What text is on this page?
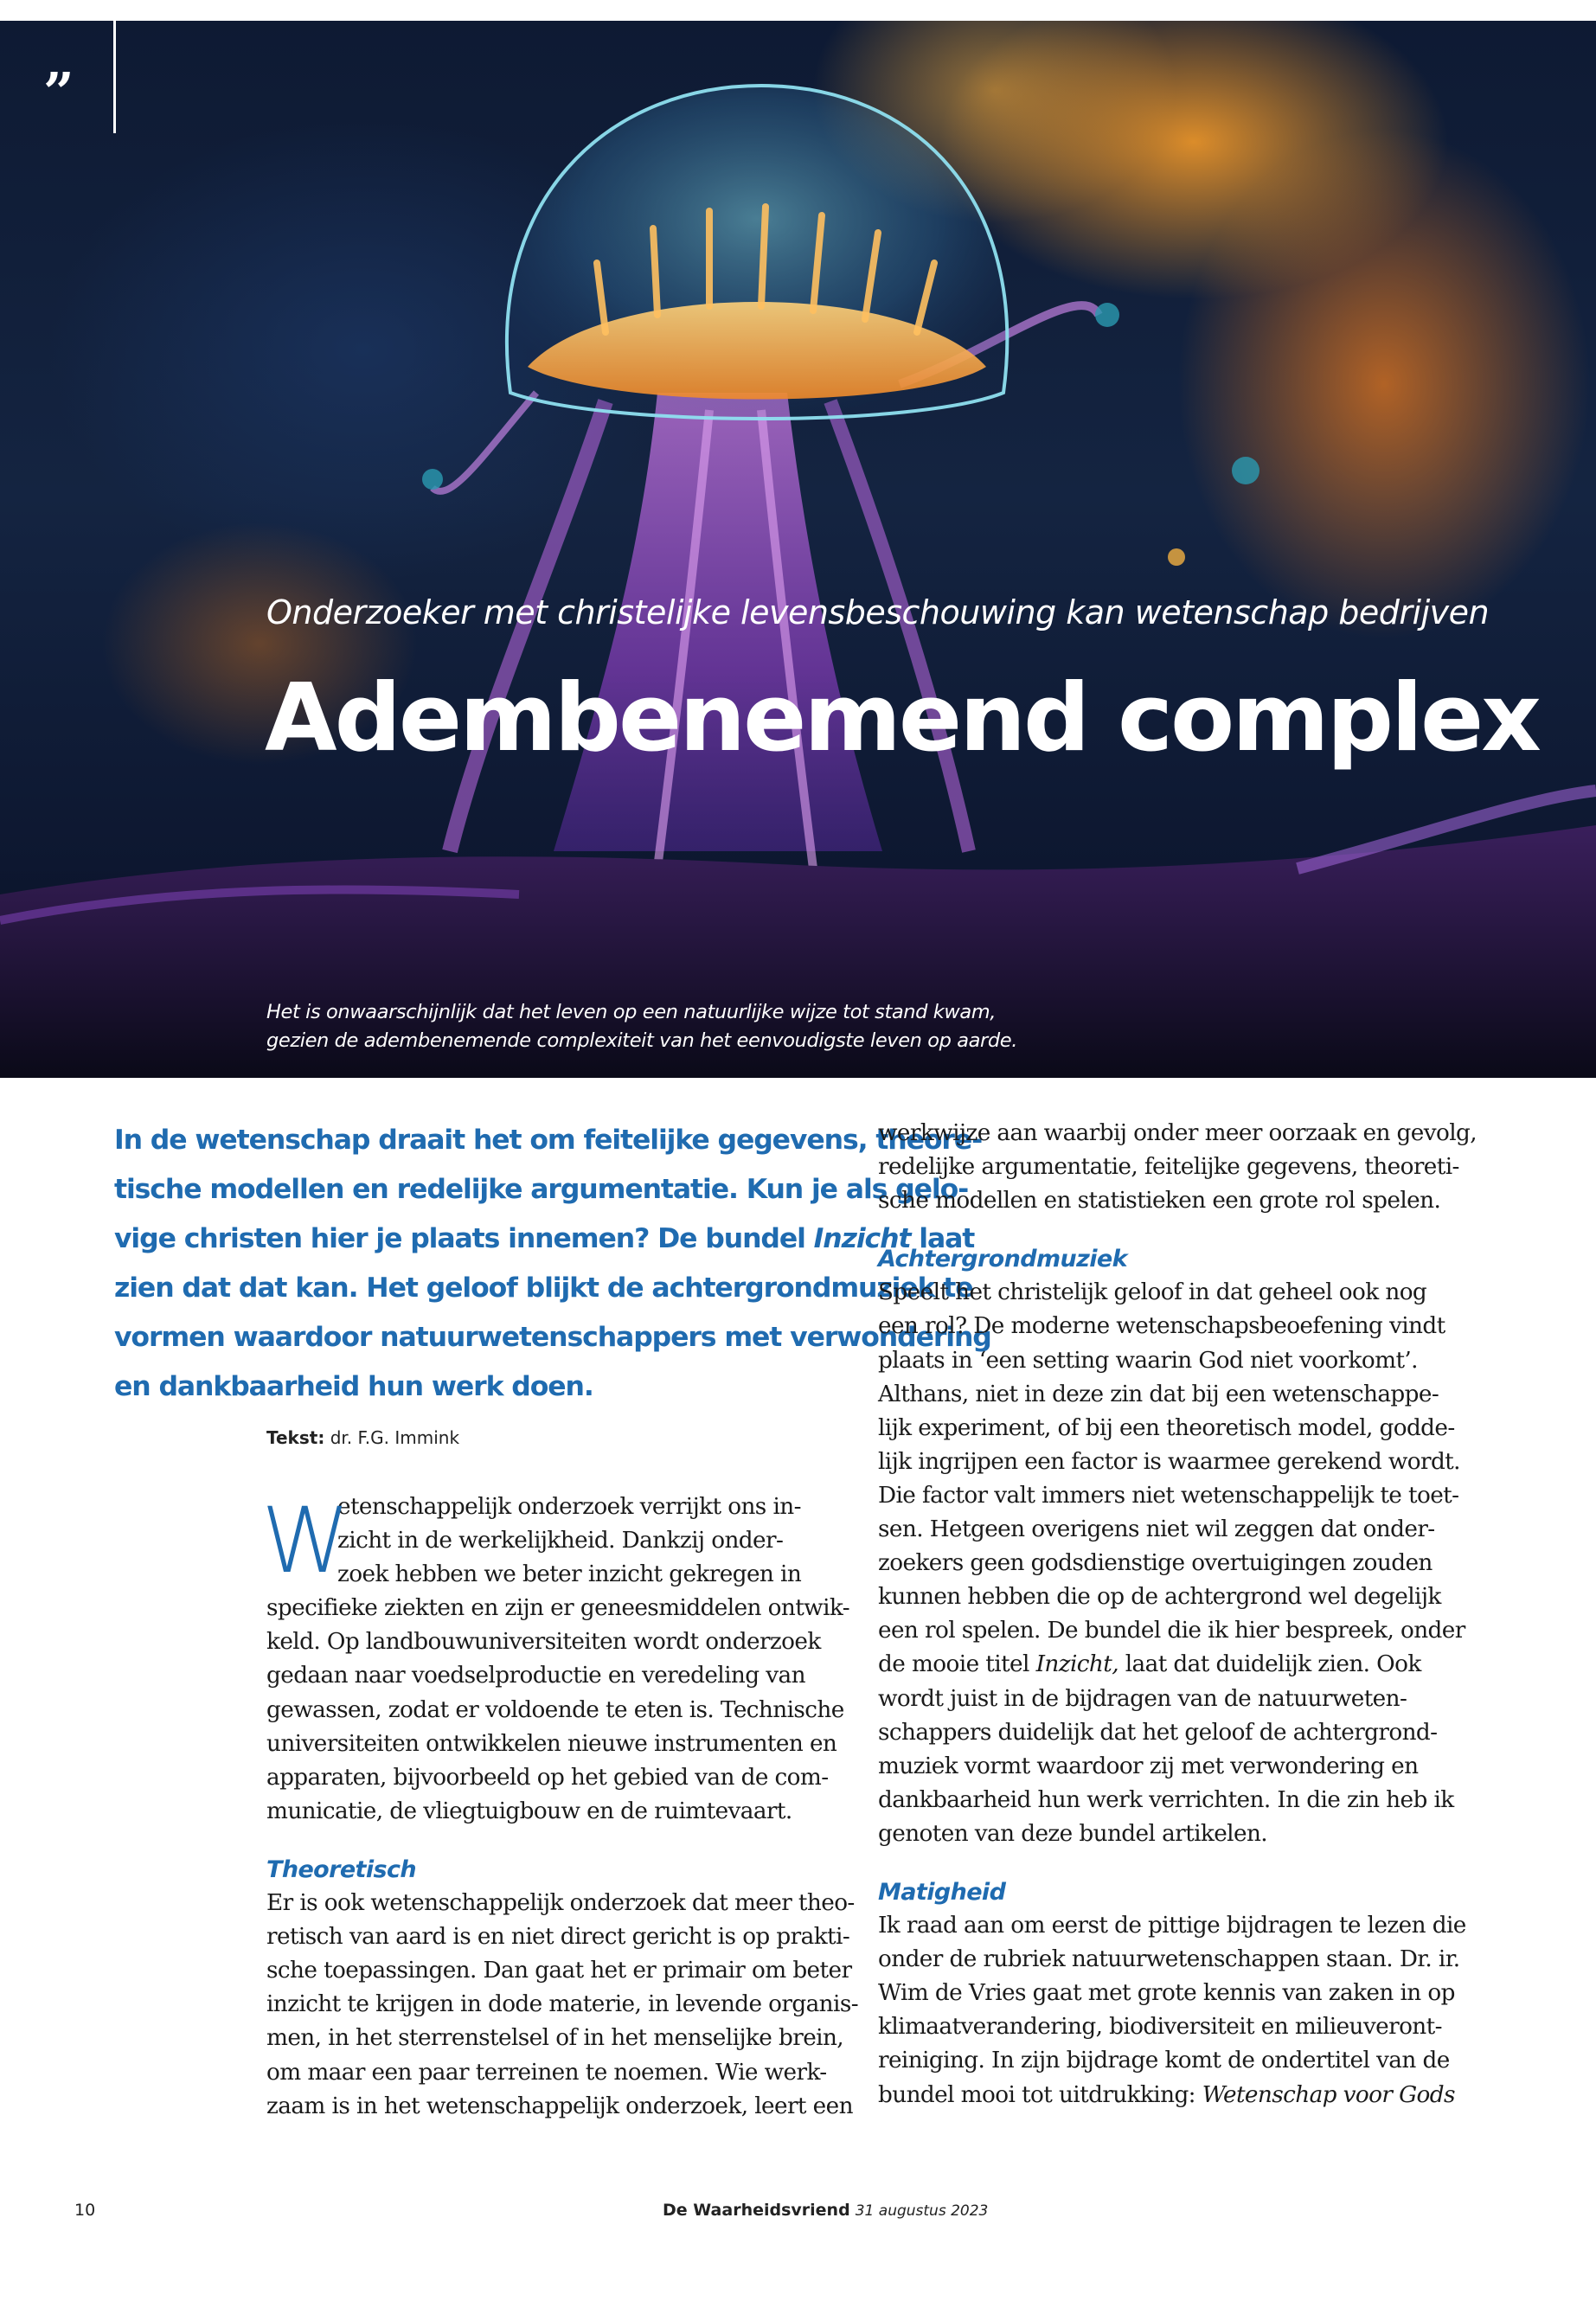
”
Onderzoeker met christelijke levensbeschouwing kan wetenschap bedrijven
Adembenemend complex
Het is onwaarschijnlijk dat het leven op een natuurlijke wijze tot stand kwam,
gezien de adembenemende complexiteit van het eenvoudigste leven op aarde.
In de wetenschap draait het om feitelijke gegevens, theore-
tische modellen en redelijke argumentatie. Kun je als gelo-
vige christen hier je plaats innemen? De bundel Inzicht laat
zien dat dat kan. Het geloof blijkt de achtergrondmuziek te
vormen waardoor natuurwetenschappers met verwondering
en dankbaarheid hun werk doen.
Tekst: dr. F.G. Immink
W
etenschappelijk onderzoek verrijkt ons in-
zicht in de werkelijkheid. Dankzij onder-
zoek hebben we beter inzicht gekregen in
specifieke ziekten en zijn er geneesmiddelen ontwik-
keld. Op landbouwuniversiteiten wordt onderzoek
gedaan naar voedselproductie en veredeling van
gewassen, zodat er voldoende te eten is. Technische
universiteiten ontwikkelen nieuwe instrumenten en
apparaten, bijvoorbeeld op het gebied van de com-
municatie, de vliegtuigbouw en de ruimtevaart.
Theoretisch
Er is ook wetenschappelijk onderzoek dat meer theo-
retisch van aard is en niet direct gericht is op prakti-
sche toepassingen. Dan gaat het er primair om beter
inzicht te krijgen in dode materie, in levende organis-
men, in het sterrenstelsel of in het menselijke brein,
om maar een paar terreinen te noemen. Wie werk-
zaam is in het wetenschappelijk onderzoek, leert een
werkwijze aan waarbij onder meer oorzaak en gevolg,
redelijke argumentatie, feitelijke gegevens, theoreti-
sche modellen en statistieken een grote rol spelen.
Achtergrondmuziek
Speelt het christelijk geloof in dat geheel ook nog
een rol? De moderne wetenschapsbeoefening vindt
plaats in ‘een setting waarin God niet voorkomt’.
Althans, niet in deze zin dat bij een wetenschappe-
lijk experiment, of bij een theoretisch model, godde-
lijk ingrijpen een factor is waarmee gerekend wordt.
Die factor valt immers niet wetenschappelijk te toet-
sen. Hetgeen overigens niet wil zeggen dat onder-
zoekers geen godsdienstige overtuigingen zouden
kunnen hebben die op de achtergrond wel degelijk
een rol spelen. De bundel die ik hier bespreek, onder
de mooie titel Inzicht, laat dat duidelijk zien. Ook
wordt juist in de bijdragen van de natuurweten-
schappers duidelijk dat het geloof de achtergrond-
muziek vormt waardoor zij met verwondering en
dankbaarheid hun werk verrichten. In die zin heb ik
genoten van deze bundel artikelen.
Matigheid
Ik raad aan om eerst de pittige bijdragen te lezen die
onder de rubriek natuurwetenschappen staan. Dr. ir.
Wim de Vries gaat met grote kennis van zaken in op
klimaatverandering, biodiversiteit en milieuveront-
reiniging. In zijn bijdrage komt de ondertitel van de
bundel mooi tot uitdrukking: Wetenschap voor Gods
10	De Waarheidsvriend 31 augustus 2023
